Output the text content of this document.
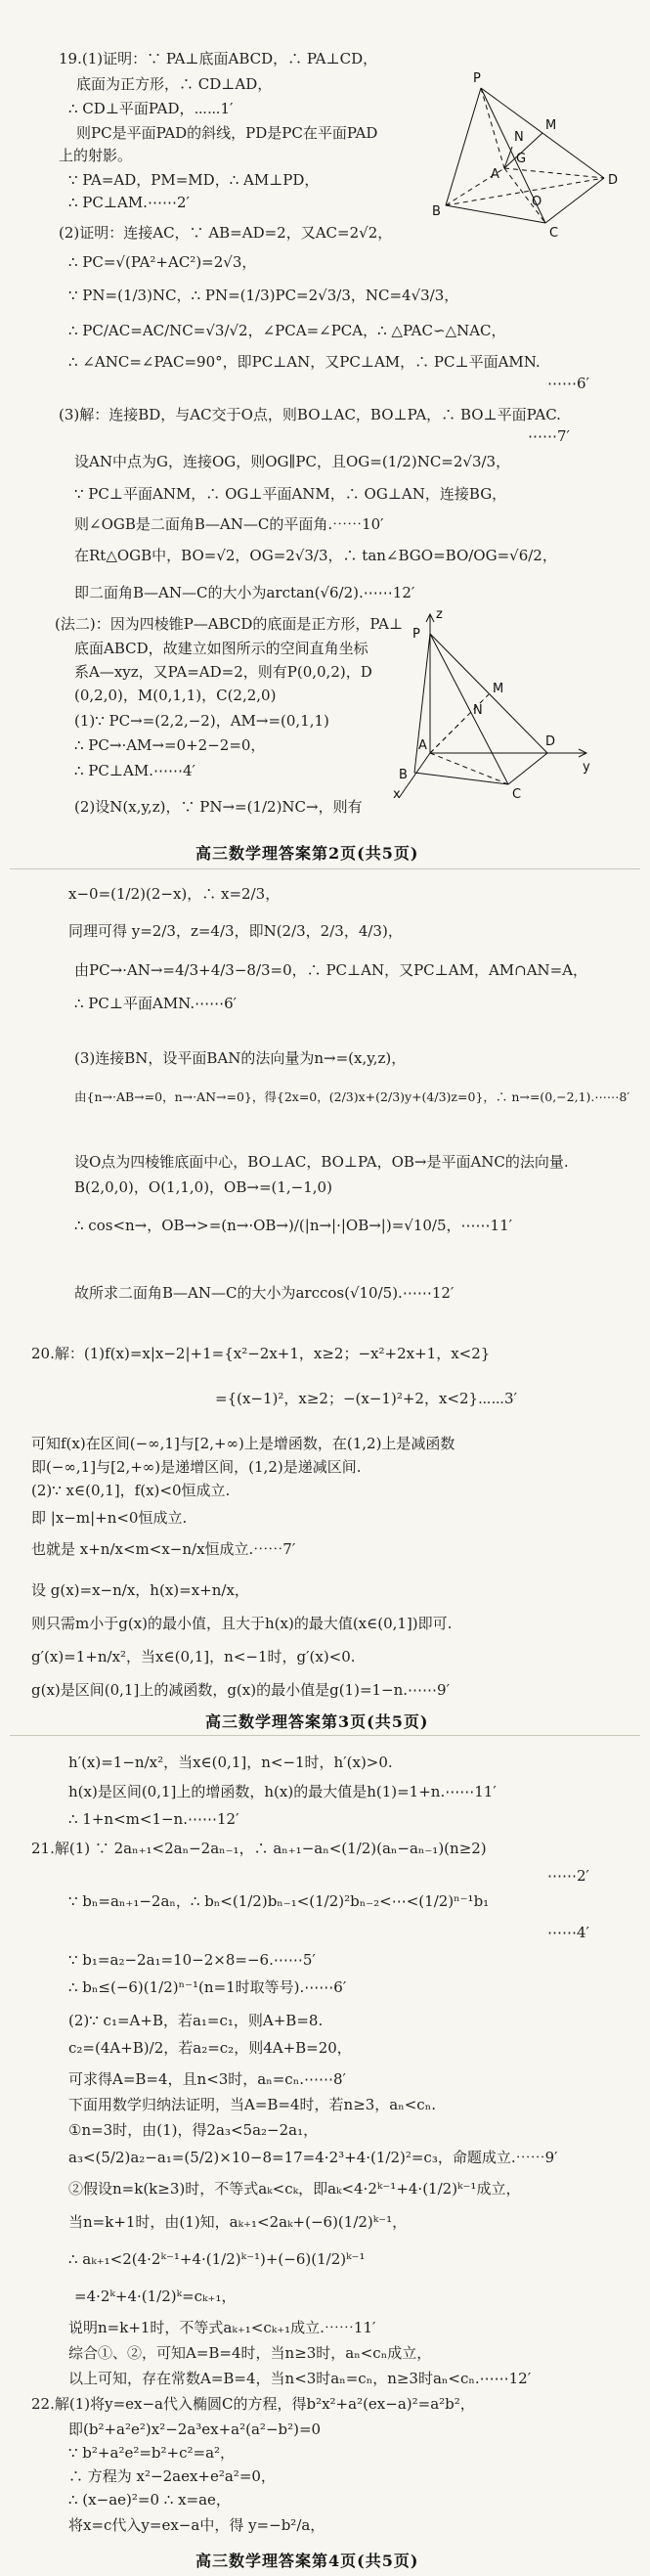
19.(1)证明：∵ PA⊥底面ABCD，∴ PA⊥CD，
底面为正方形，∴ CD⊥AD，
∴ CD⊥平面PAD，⋯⋯1′
则PC是平面PAD的斜线，PD是PC在平面PAD
上的射影。
∵ PA=AD，PM=MD，∴ AM⊥PD，
∴ PC⊥AM.⋯⋯2′
(2)证明：连接AC，∵ AB=AD=2，又AC=2√2，
∴ PC=√(PA²+AC²)=2√3，
∵ PN=(1/3)NC，∴ PN=(1/3)PC=2√3/3，NC=4√3/3，
∴ PC/AC=AC/NC=√3/√2，∠PCA=∠PCA，∴ △PAC∽△NAC，
∴ ∠ANC=∠PAC=90°，即PC⊥AN，又PC⊥AM，∴ PC⊥平面AMN.
⋯⋯6′
(3)解：连接BD，与AC交于O点，则BO⊥AC，BO⊥PA，∴ BO⊥平面PAC.
⋯⋯7′
设AN中点为G，连接OG，则OG∥PC，且OG=(1/2)NC=2√3/3，
∵ PC⊥平面ANM，∴ OG⊥平面ANM，∴ OG⊥AN，连接BG，
则∠OGB是二面角B—AN—C的平面角.⋯⋯10′
在Rt△OGB中，BO=√2，OG=2√3/3，∴ tan∠BGO=BO/OG=√6/2，
即二面角B—AN—C的大小为arctan(√6/2).⋯⋯12′
(法二)：因为四棱锥P—ABCD的底面是正方形，PA⊥
底面ABCD，故建立如图所示的空间直角坐标
系A—xyz，又PA=AD=2，则有P(0,0,2)，D
(0,2,0)，M(0,1,1)，C(2,2,0)
(1)∵ PC→=(2,2,−2)，AM→=(0,1,1)
∴ PC→·AM→=0+2−2=0，
∴ PC⊥AM.⋯⋯4′
(2)设N(x,y,z)，∵ PN→=(1/2)NC→，则有
高三数学理答案第2页(共5页)
P
M
N
G
A
B
O
C
D
z
P
M
N
A	D
y
B
C
x
x−0=(1/2)(2−x)，∴ x=2/3，
同理可得 y=2/3，z=4/3，即N(2/3，2/3，4/3)，
由PC→·AN→=4/3+4/3−8/3=0，∴ PC⊥AN，又PC⊥AM，AM∩AN=A，
∴ PC⊥平面AMN.⋯⋯6′
(3)连接BN，设平面BAN的法向量为n→=(x,y,z)，
由{n→·AB→=0，n→·AN→=0}，得{2x=0，(2/3)x+(2/3)y+(4/3)z=0}，∴ n→=(0,−2,1).⋯⋯8′
设O点为四棱锥底面中心，BO⊥AC，BO⊥PA，OB→是平面ANC的法向量.
B(2,0,0)，O(1,1,0)，OB→=(1,−1,0)
∴ cos<n→，OB→>=(n→·OB→)/(|n→|·|OB→|)=√10/5，⋯⋯11′
故所求二面角B—AN—C的大小为arccos(√10/5).⋯⋯12′
20.解：(1)f(x)=x|x−2|+1={x²−2x+1，x≥2；−x²+2x+1，x<2}
={(x−1)²，x≥2；−(x−1)²+2，x<2}⋯⋯3′
可知f(x)在区间(−∞,1]与[2,+∞)上是增函数，在(1,2)上是减函数
即(−∞,1]与[2,+∞)是递增区间，(1,2)是递减区间.
(2)∵ x∈(0,1]，f(x)<0恒成立.
即 |x−m|+n<0恒成立.
也就是 x+n/x<m<x−n/x恒成立.⋯⋯7′
设 g(x)=x−n/x，h(x)=x+n/x，
则只需m小于g(x)的最小值，且大于h(x)的最大值(x∈(0,1])即可.
g′(x)=1+n/x²，当x∈(0,1]，n<−1时，g′(x)<0.
g(x)是区间(0,1]上的减函数，g(x)的最小值是g(1)=1−n.⋯⋯9′
高三数学理答案第3页(共5页)
h′(x)=1−n/x²，当x∈(0,1]，n<−1时，h′(x)>0.
h(x)是区间(0,1]上的增函数，h(x)的最大值是h(1)=1+n.⋯⋯11′
∴ 1+n<m<1−n.⋯⋯12′
21.解(1) ∵ 2aₙ₊₁<2aₙ−2aₙ₋₁，∴ aₙ₊₁−aₙ<(1/2)(aₙ−aₙ₋₁)(n≥2)
⋯⋯2′
∵ bₙ=aₙ₊₁−2aₙ，∴ bₙ<(1/2)bₙ₋₁<(1/2)²bₙ₋₂<⋯<(1/2)ⁿ⁻¹b₁
⋯⋯4′
∵ b₁=a₂−2a₁=10−2×8=−6.⋯⋯5′
∴ bₙ≤(−6)(1/2)ⁿ⁻¹(n=1时取等号).⋯⋯6′
(2)∵ c₁=A+B，若a₁=c₁，则A+B=8.
c₂=(4A+B)/2，若a₂=c₂，则4A+B=20，
可求得A=B=4，且n<3时，aₙ=cₙ.⋯⋯8′
下面用数学归纳法证明，当A=B=4时，若n≥3，aₙ<cₙ.
①n=3时，由(1)，得2a₃<5a₂−2a₁，
a₃<(5/2)a₂−a₁=(5/2)×10−8=17=4·2³+4·(1/2)²=c₃，命题成立.⋯⋯9′
②假设n=k(k≥3)时，不等式aₖ<cₖ，即aₖ<4·2ᵏ⁻¹+4·(1/2)ᵏ⁻¹成立，
当n=k+1时，由(1)知，aₖ₊₁<2aₖ+(−6)(1/2)ᵏ⁻¹，
∴ aₖ₊₁<2(4·2ᵏ⁻¹+4·(1/2)ᵏ⁻¹)+(−6)(1/2)ᵏ⁻¹
=4·2ᵏ+4·(1/2)ᵏ=cₖ₊₁，
说明n=k+1时，不等式aₖ₊₁<cₖ₊₁成立.⋯⋯11′
综合①、②，可知A=B=4时，当n≥3时，aₙ<cₙ成立，
以上可知，存在常数A=B=4，当n<3时aₙ=cₙ，n≥3时aₙ<cₙ.⋯⋯12′
22.解(1)将y=ex−a代入椭圆C的方程，得b²x²+a²(ex−a)²=a²b²，
即(b²+a²e²)x²−2a³ex+a²(a²−b²)=0
∵ b²+a²e²=b²+c²=a²，
∴ 方程为 x²−2aex+e²a²=0，
∴ (x−ae)²=0 ∴ x=ae，
将x=c代入y=ex−a中，得 y=−b²/a，
高三数学理答案第4页(共5页)
